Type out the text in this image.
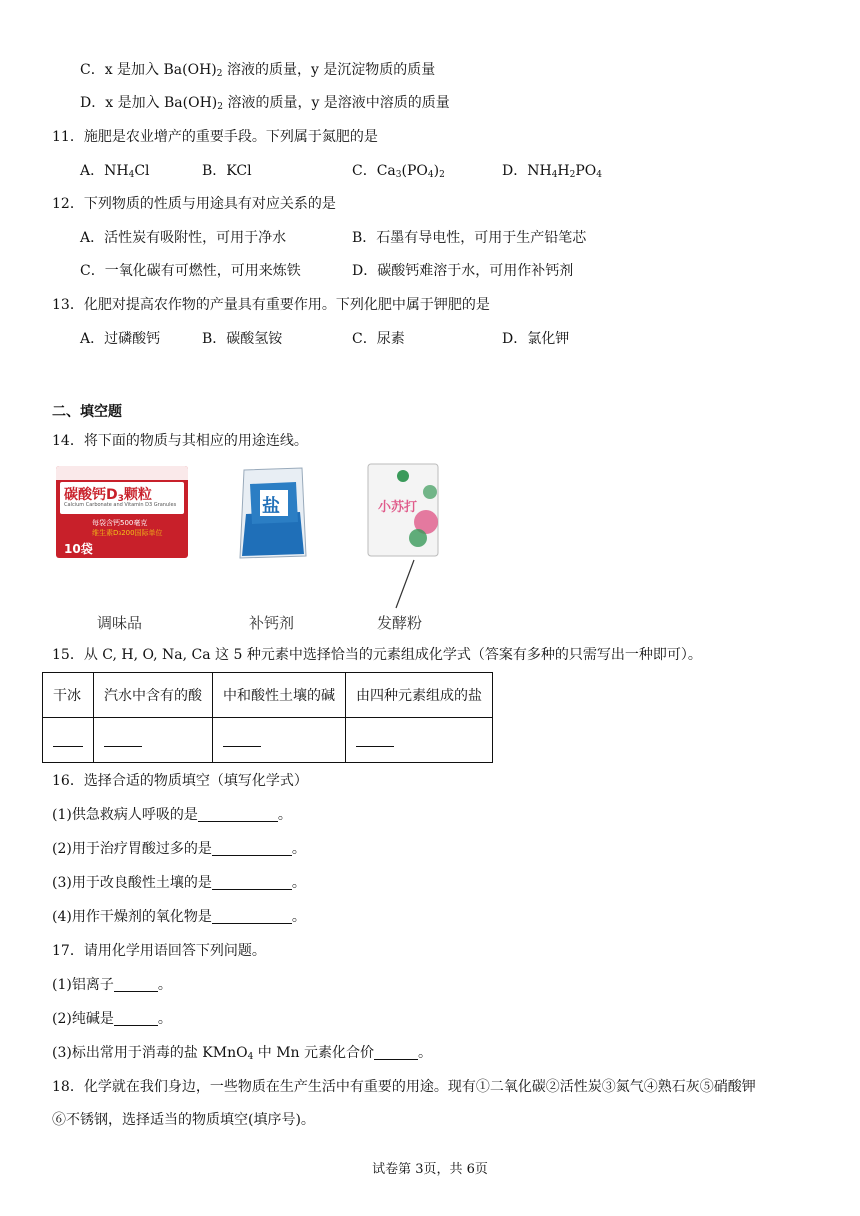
C．x 是加入 $Ba(OH)_2$ 溶液的质量，y 是沉淀物质的质量
D．x 是加入 $Ba(OH)_2$ 溶液的质量，y 是溶液中溶质的质量
11．施肥是农业增产的重要手段。下列属于氮肥的是
A．$NH_4Cl$	B．KCl	C．$Ca_3(PO_4)_2$	D．$NH_4H_2PO_4$
12．下列物质的性质与用途具有对应关系的是
A．活性炭有吸附性，可用于净水	B．石墨有导电性，可用于生产铅笔芯
C．一氧化碳有可燃性，可用来炼铁	D．碳酸钙难溶于水，可用作补钙剂
13．化肥对提高农作物的产量具有重要作用。下列化肥中属于钾肥的是
A．过磷酸钙	B．碳酸氢铵	C．尿素	D．氯化钾
二、填空题
14．将下面的物质与其相应的用途连线。
碳酸钙$D_3$颗粒
Calcium Carbonate and Vitamin D3 Granules
每袋含钙500毫克
维生素D₃200国际单位
10袋
盐	小苏打
调味品	补钙剂	发酵粉
15．从 C, H, O, Na, Ca 这 5 种元素中选择恰当的元素组成化学式（答案有多种的只需写出一种即可）。
干冰	汽水中含有的酸	中和酸性土壤的碱	由四种元素组成的盐

16．选择合适的物质填空（填写化学式）
(1)供急救病人呼吸的是	。
(2)用于治疗胃酸过多的是	。
(3)用于改良酸性土壤的是	。
(4)用作干燥剂的氧化物是	。
17．请用化学用语回答下列问题。
(1)铝离子	。
(2)纯碱是	。
(3)标出常用于消毒的盐 KMnO$_4$ 中 Mn 元素化合价	。
18．化学就在我们身边，一些物质在生产生活中有重要的用途。现有①二氧化碳②活性炭③氮气④熟石灰⑤硝酸钾
⑥不锈钢，选择适当的物质填空(填序号)。
试卷第 3页，共 6页
